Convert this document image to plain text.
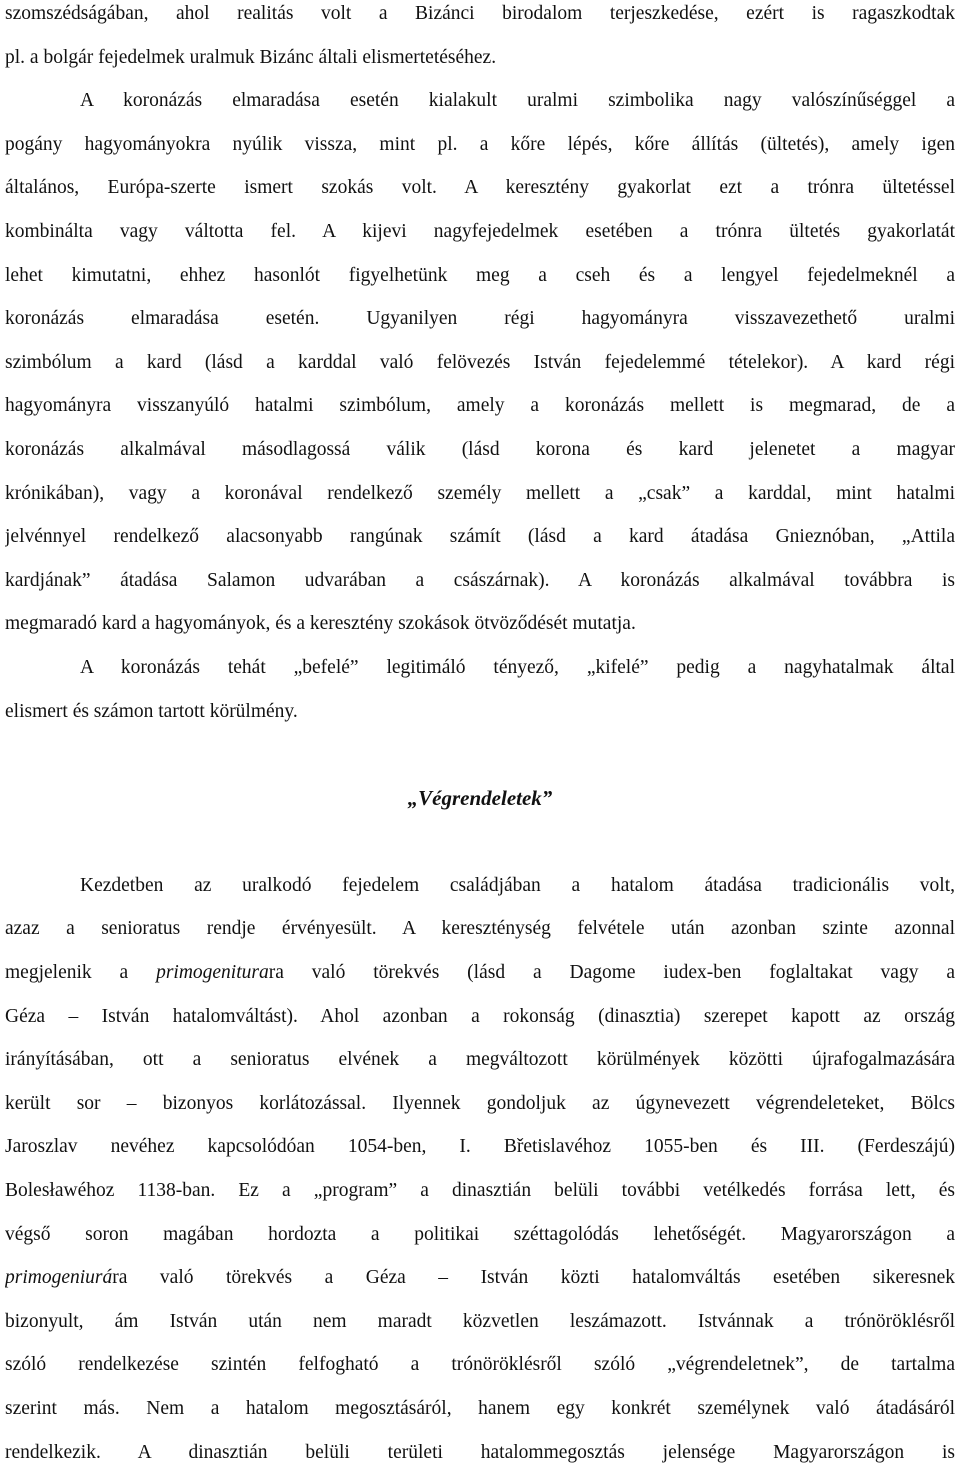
szomszédságában, ahol realitás volt a Bizánci birodalom terjeszkedése, ezért is ragaszkodtak
pl. a bolgár fejedelmek uralmuk Bizánc általi elismertetéséhez.
A koronázás elmaradása esetén kialakult uralmi szimbolika nagy valószínűséggel a
pogány hagyományokra nyúlik vissza, mint pl. a kőre lépés, kőre állítás (ültetés), amely igen
általános, Európa-szerte ismert szokás volt. A keresztény gyakorlat ezt a trónra ültetéssel
kombinálta vagy váltotta fel. A kijevi nagyfejedelmek esetében a trónra ültetés gyakorlatát
lehet kimutatni, ehhez hasonlót figyelhetünk meg a cseh és a lengyel fejedelmeknél a
koronázás elmaradása esetén. Ugyanilyen régi hagyományra visszavezethető uralmi
szimbólum a kard (lásd a karddal való felövezés István fejedelemmé tételekor). A kard régi
hagyományra visszanyúló hatalmi szimbólum, amely a koronázás mellett is megmarad, de a
koronázás alkalmával másodlagossá válik (lásd korona és kard jelenetet a magyar
krónikában), vagy a koronával rendelkező személy mellett a „csak” a karddal, mint hatalmi
jelvénnyel rendelkező alacsonyabb rangúnak számít (lásd a kard átadása Gnieznóban, „Attila
kardjának” átadása Salamon udvarában a császárnak). A koronázás alkalmával továbbra is
megmaradó kard a hagyományok, és a keresztény szokások ötvöződését mutatja.
A koronázás tehát „befelé” legitimáló tényező, „kifelé” pedig a nagyhatalmak által
elismert és számon tartott körülmény.
„Végrendeletek”
Kezdetben az uralkodó fejedelem családjában a hatalom átadása tradicionális volt,
azaz a senioratus rendje érvényesült. A kereszténység felvétele után azonban szinte azonnal
megjelenik a primogeniturara való törekvés (lásd a Dagome iudex-ben foglaltakat vagy a
Géza – István hatalomváltást). Ahol azonban a rokonság (dinasztia) szerepet kapott az ország
irányításában, ott a senioratus elvének a megváltozott körülmények közötti újrafogalmazására
került sor – bizonyos korlátozással. Ilyennek gondoljuk az úgynevezett végrendeleteket, Bölcs
Jaroszlav nevéhez kapcsolódóan 1054-ben, I. Břetislavéhoz 1055-ben és III. (Ferdeszájú)
Bolesławéhoz 1138-ban. Ez a „program” a dinasztián belüli további vetélkedés forrása lett, és
végső soron magában hordozta a politikai széttagolódás lehetőségét. Magyarországon a
primogeniurára való törekvés a Géza – István közti hatalomváltás esetében sikeresnek
bizonyult, ám István után nem maradt közvetlen leszámazott. Istvánnak a trónöröklésről
szóló rendelkezése szintén felfogható a trónöröklésről szóló „végrendeletnek”, de tartalma
szerint más. Nem a hatalom megosztásáról, hanem egy konkrét személynek való átadásáról
rendelkezik. A dinasztián belüli területi hatalommegosztás jelensége Magyarországon is
